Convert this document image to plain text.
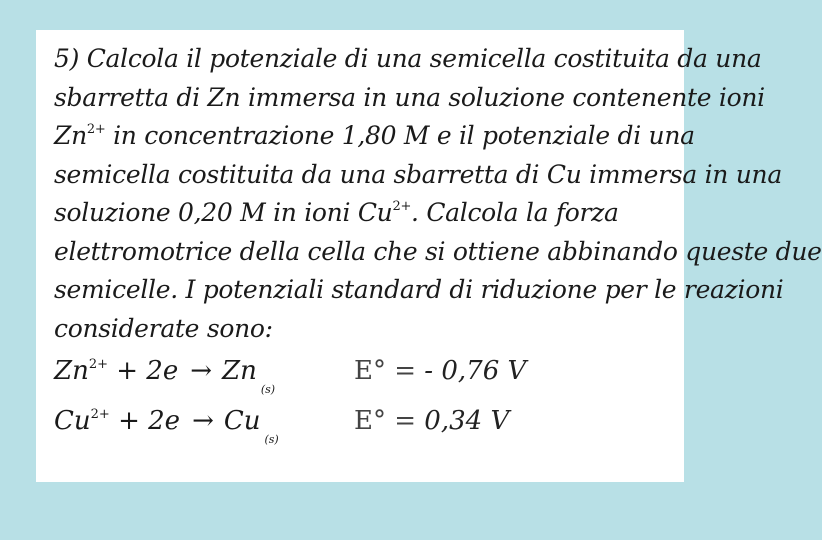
5) Calcola il potenziale di una semicella costituita da una
sbarretta di Zn immersa in una soluzione contenente ioni
$Zn^{2+}$ in concentrazione 1,80 M e il potenziale di una
semicella costituita da una sbarretta di Cu immersa in una
soluzione 0,20 M in ioni $Cu^{2+}$. Calcola la forza
elettromotrice della cella che si ottiene abbinando queste due
semicelle. I potenziali standard di riduzione per le reazioni
considerate sono:

$Zn^{2+} + 2e \to Zn_{(s)}$
E° = - 0,76 V
$Cu^{2+} + 2e \to Cu_{(s)}$
E° = 0,34 V
